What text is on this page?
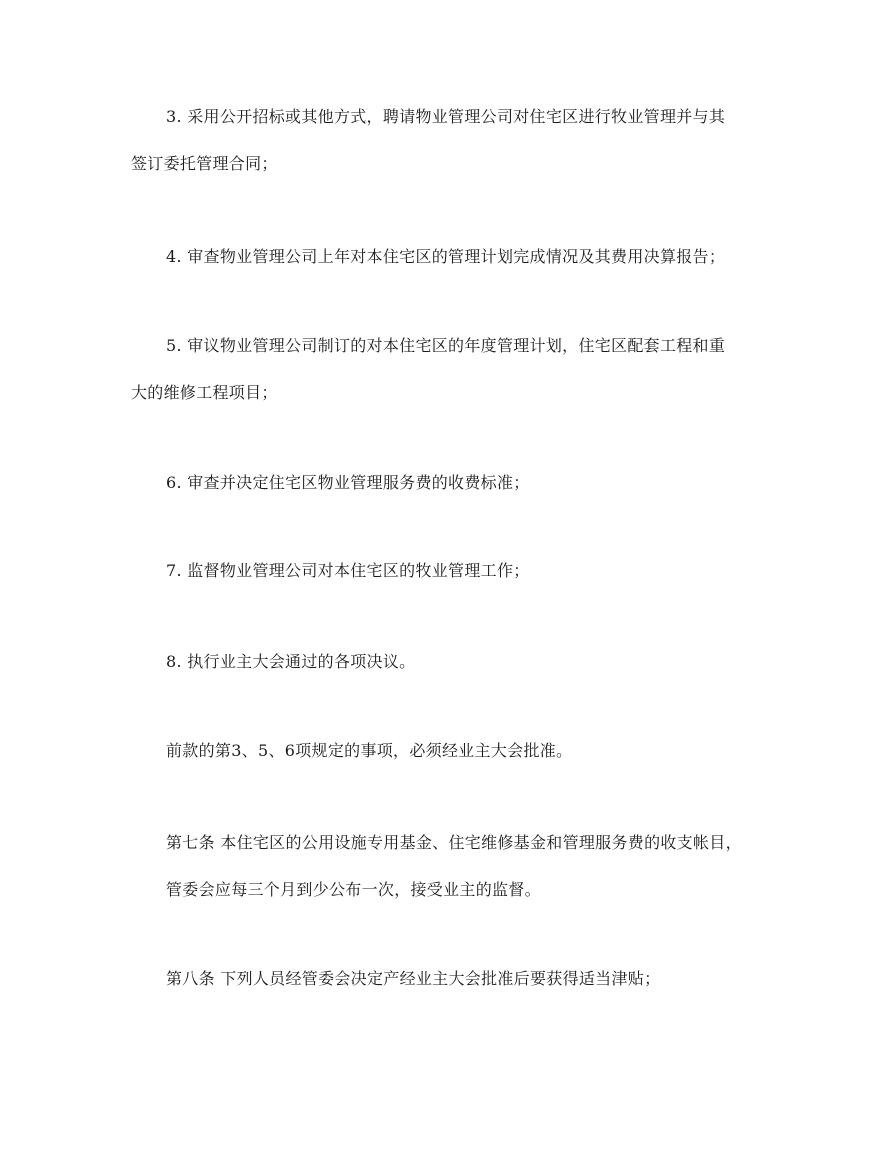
3. 采用公开招标或其他方式，聘请物业管理公司对住宅区进行牧业管理并与其
签订委托管理合同；
4. 审查物业管理公司上年对本住宅区的管理计划完成情况及其费用决算报告；
5. 审议物业管理公司制订的对本住宅区的年度管理计划，住宅区配套工程和重
大的维修工程项目；
6. 审查并决定住宅区物业管理服务费的收费标准；
7. 监督物业管理公司对本住宅区的牧业管理工作；
8. 执行业主大会通过的各项决议。
前款的第3、5、6项规定的事项，必须经业主大会批准。
第七条 本住宅区的公用设施专用基金、住宅维修基金和管理服务费的收支帐目，
管委会应每三个月到少公布一次，接受业主的监督。
第八条 下列人员经管委会决定产经业主大会批准后要获得适当津贴；
